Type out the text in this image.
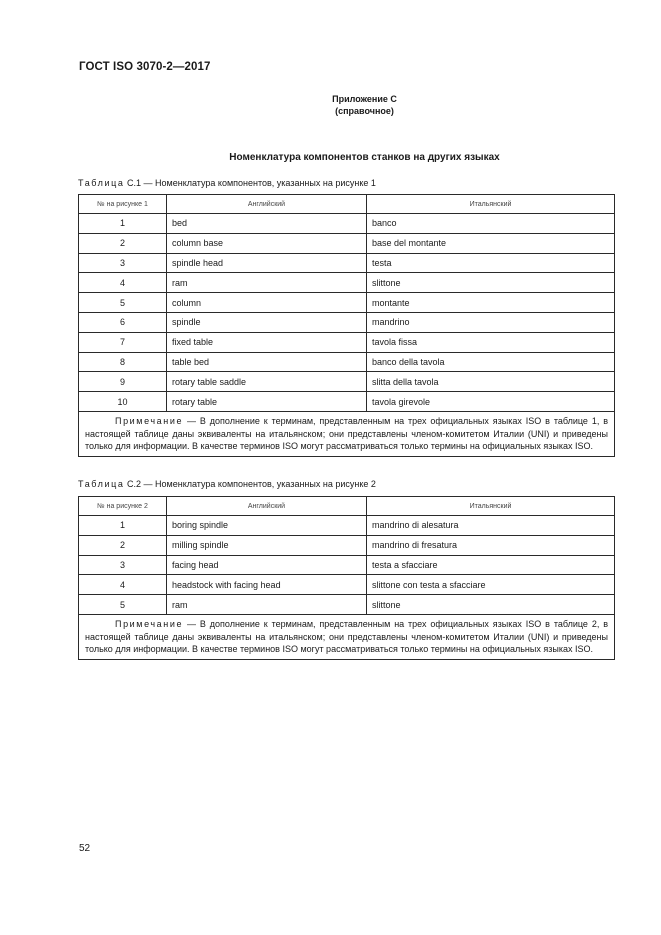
ГОСТ ISO 3070-2—2017
Приложение С
(справочное)
Номенклатура компонентов станков на других языках
Таблица С.1 — Номенклатура компонентов, указанных на рисунке 1
№ на рисунке 1	Английский	Итальянский
1	bed	banco
2	column base	base del montante
3	spindle head	testa
4	ram	slittone
5	column	montante
6	spindle	mandrino
7	fixed table	tavola fissa
8	table bed	banco della tavola
9	rotary table saddle	slitta della tavola
10	rotary table	tavola girevole
Примечание — В дополнение к терминам, представленным на трех официальных языках ISO в таблице 1, в настоящей таблице даны эквиваленты на итальянском; они представлены членом-комитетом Италии (UNI) и приведены только для информации. В качестве терминов ISO могут рассматриваться только термины на официальных языках ISO.		
Таблица С.2 — Номенклатура компонентов, указанных на рисунке 2
№ на рисунке 2	Английский	Итальянский
1	boring spindle	mandrino di alesatura
2	milling spindle	mandrino di fresatura
3	facing head	testa a sfacciare
4	headstock with facing head	slittone con testa a sfacciare
5	ram	slittone
Примечание — В дополнение к терминам, представленным на трех официальных языках ISO в таблице 2, в настоящей таблице даны эквиваленты на итальянском; они представлены членом-комитетом Италии (UNI) и приведены только для информации. В качестве терминов ISO могут рассматриваться только термины на официальных языках ISO.		
52
